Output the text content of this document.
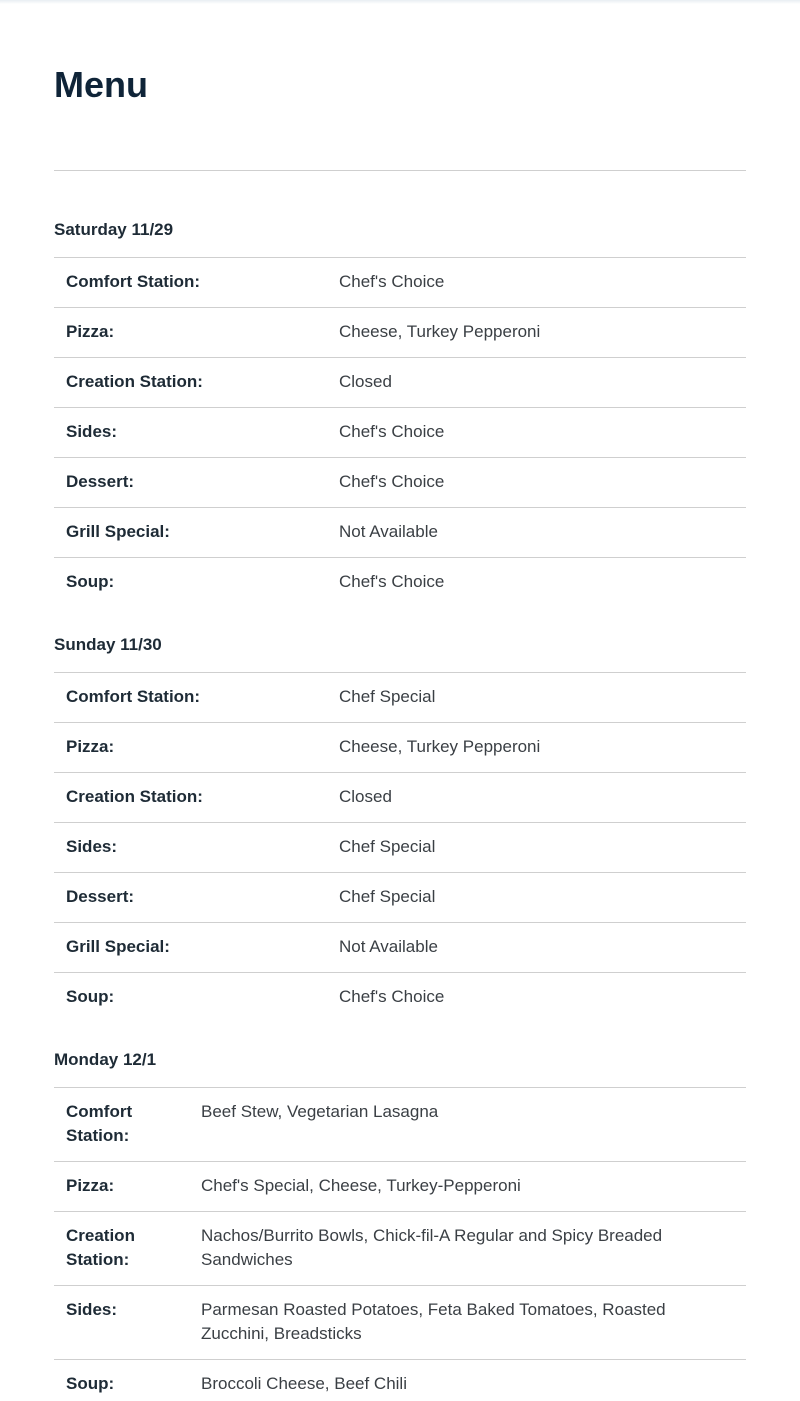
Menu
Saturday 11/29
Comfort Station:	Chef's Choice
Pizza:	Cheese, Turkey Pepperoni
Creation Station:	Closed
Sides:	Chef's Choice
Dessert:	Chef's Choice
Grill Special:	Not Available
Soup:	Chef's Choice
Sunday 11/30
Comfort Station:	Chef Special
Pizza:	Cheese, Turkey Pepperoni
Creation Station:	Closed
Sides:	Chef Special
Dessert:	Chef Special
Grill Special:	Not Available
Soup:	Chef's Choice
Monday 12/1
Comfort Station:	Beef Stew, Vegetarian Lasagna
Pizza:	Chef's Special, Cheese, Turkey-Pepperoni
Creation Station:	Nachos/Burrito Bowls, Chick-fil-A Regular and Spicy Breaded Sandwiches
Sides:	Parmesan Roasted Potatoes, Feta Baked Tomatoes, Roasted Zucchini, Breadsticks
Soup:	Broccoli Cheese, Beef Chili
